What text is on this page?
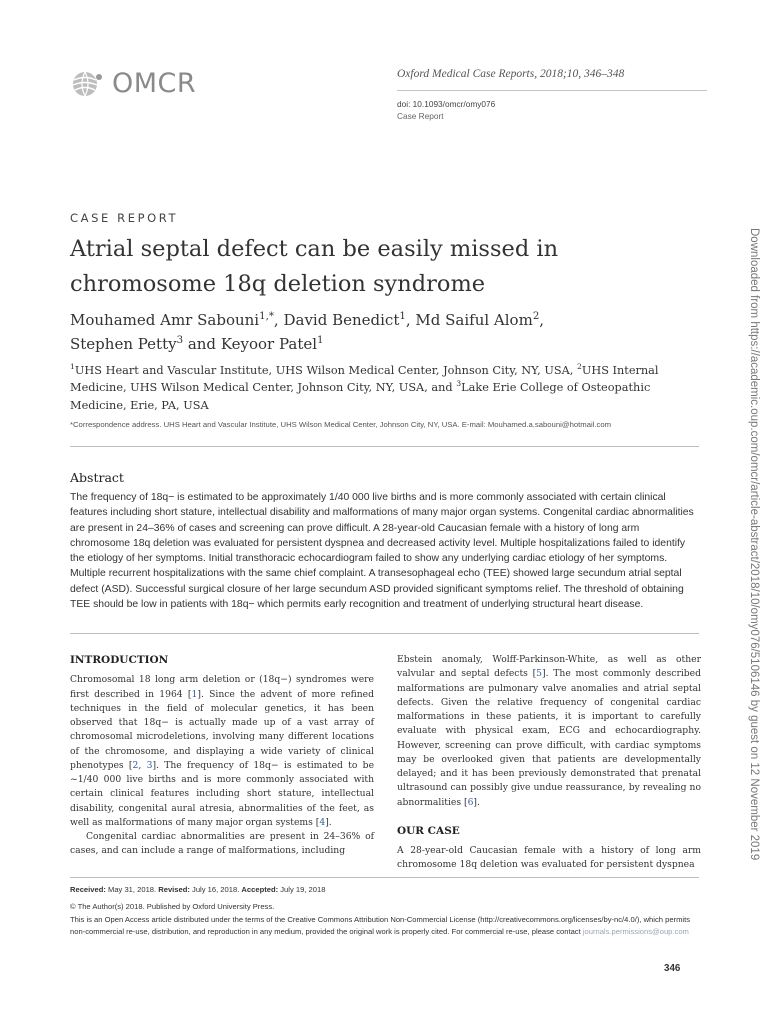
OMCR	Oxford Medical Case Reports, 2018;10, 346–348
doi: 10.1093/omcr/omy076
Case Report
Downloaded from https://academic.oup.com/omcr/article-abstract/2018/10/omy076/5106146 by guest on 12 November 2019
CASE REPORT
Atrial septal defect can be easily missed in
chromosome 18q deletion syndrome
Mouhamed Amr Sabouni$^{1,*}$, David Benedict$^1$, Md Saiful Alom$^2$,
Stephen Petty$^3$ and Keyoor Patel$^1$
$^1$UHS Heart and Vascular Institute, UHS Wilson Medical Center, Johnson City, NY, USA, $^2$UHS Internal Medicine, UHS Wilson Medical Center, Johnson City, NY, USA, and $^3$Lake Erie College of Osteopathic Medicine, Erie, PA, USA
*Correspondence address. UHS Heart and Vascular Institute, UHS Wilson Medical Center, Johnson City, NY, USA. E-mail: Mouhamed.a.sabouni@hotmail.com
Abstract
The frequency of 18q− is estimated to be approximately 1/40 000 live births and is more commonly associated with certain clinical features including short stature, intellectual disability and malformations of many major organ systems. Congenital cardiac abnormalities are present in 24–36% of cases and screening can prove difficult. A 28-year-old Caucasian female with a history of long arm chromosome 18q deletion was evaluated for persistent dyspnea and decreased activity level. Multiple hospitalizations failed to identify the etiology of her symptoms. Initial transthoracic echocardiogram failed to show any underlying cardiac etiology of her symptoms. Multiple recurrent hospitalizations with the same chief complaint. A transesophageal echo (TEE) showed large secundum atrial septal defect (ASD). Successful surgical closure of her large secundum ASD provided significant symptoms relief. The threshold of obtaining TEE should be low in patients with 18q− which permits early recognition and treatment of underlying structural heart disease.
INTRODUCTION

Chromosomal 18 long arm deletion or (18q−) syndromes were first described in 1964 [1]. Since the advent of more refined techniques in the field of molecular genetics, it has been observed that 18q− is actually made up of a vast array of chromosomal microdeletions, involving many different locations of the chromosome, and displaying a wide variety of clinical phenotypes [2, 3]. The frequency of 18q− is estimated to be ~1/40 000 live births and is more commonly associated with certain clinical features including short stature, intellectual disability, congenital aural atresia, abnormalities of the feet, as well as malformations of many major organ systems [4].

Congenital cardiac abnormalities are present in 24–36% of cases, and can include a range of malformations, including

Ebstein anomaly, Wolff-Parkinson-White, as well as other valvular and septal defects [5]. The most commonly described malformations are pulmonary valve anomalies and atrial septal defects. Given the relative frequency of congenital cardiac malformations in these patients, it is important to carefully evaluate with physical exam, ECG and echocardiography. However, screening can prove difficult, with cardiac symptoms may be overlooked given that patients are developmentally delayed; and it has been previously demonstrated that prenatal ultrasound can possibly give undue reassurance, by revealing no abnormalities [6].

OUR CASE

A 28-year-old Caucasian female with a history of long arm chromosome 18q deletion was evaluated for persistent dyspnea

Received: May 31, 2018. Revised: July 16, 2018. Accepted: July 19, 2018
© The Author(s) 2018. Published by Oxford University Press.
This is an Open Access article distributed under the terms of the Creative Commons Attribution Non-Commercial License (http://creativecommons.org/licenses/by-nc/4.0/), which permits non-commercial re-use, distribution, and reproduction in any medium, provided the original work is properly cited. For commercial re-use, please contact journals.permissions@oup.com
346
